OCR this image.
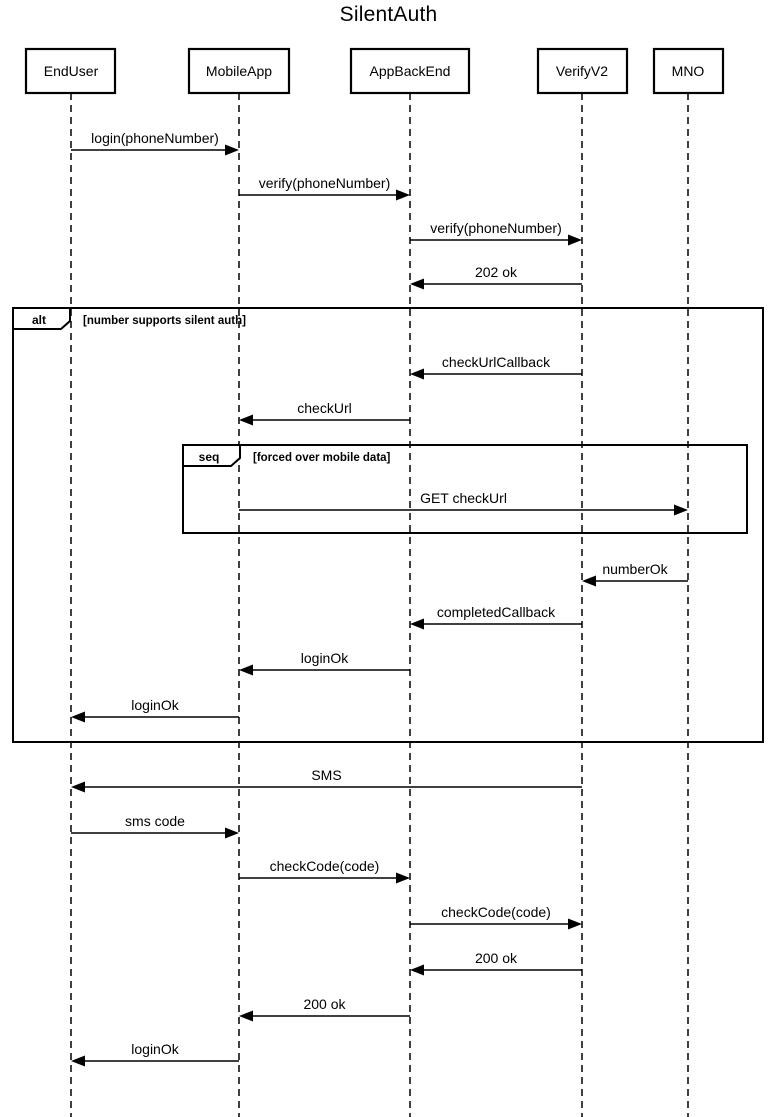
SilentAuth
alt	[number supports silent auth]
seq	[forced over mobile data]
login(phoneNumber)
verify(phoneNumber)
verify(phoneNumber)
202 ok
checkUrlCallback
checkUrl
GET checkUrl
numberOk
completedCallback
loginOk
loginOk
SMS
sms code
checkCode(code)
checkCode(code)
200 ok
200 ok
loginOk
EndUser	MobileApp	AppBackEnd	VerifyV2	MNO
